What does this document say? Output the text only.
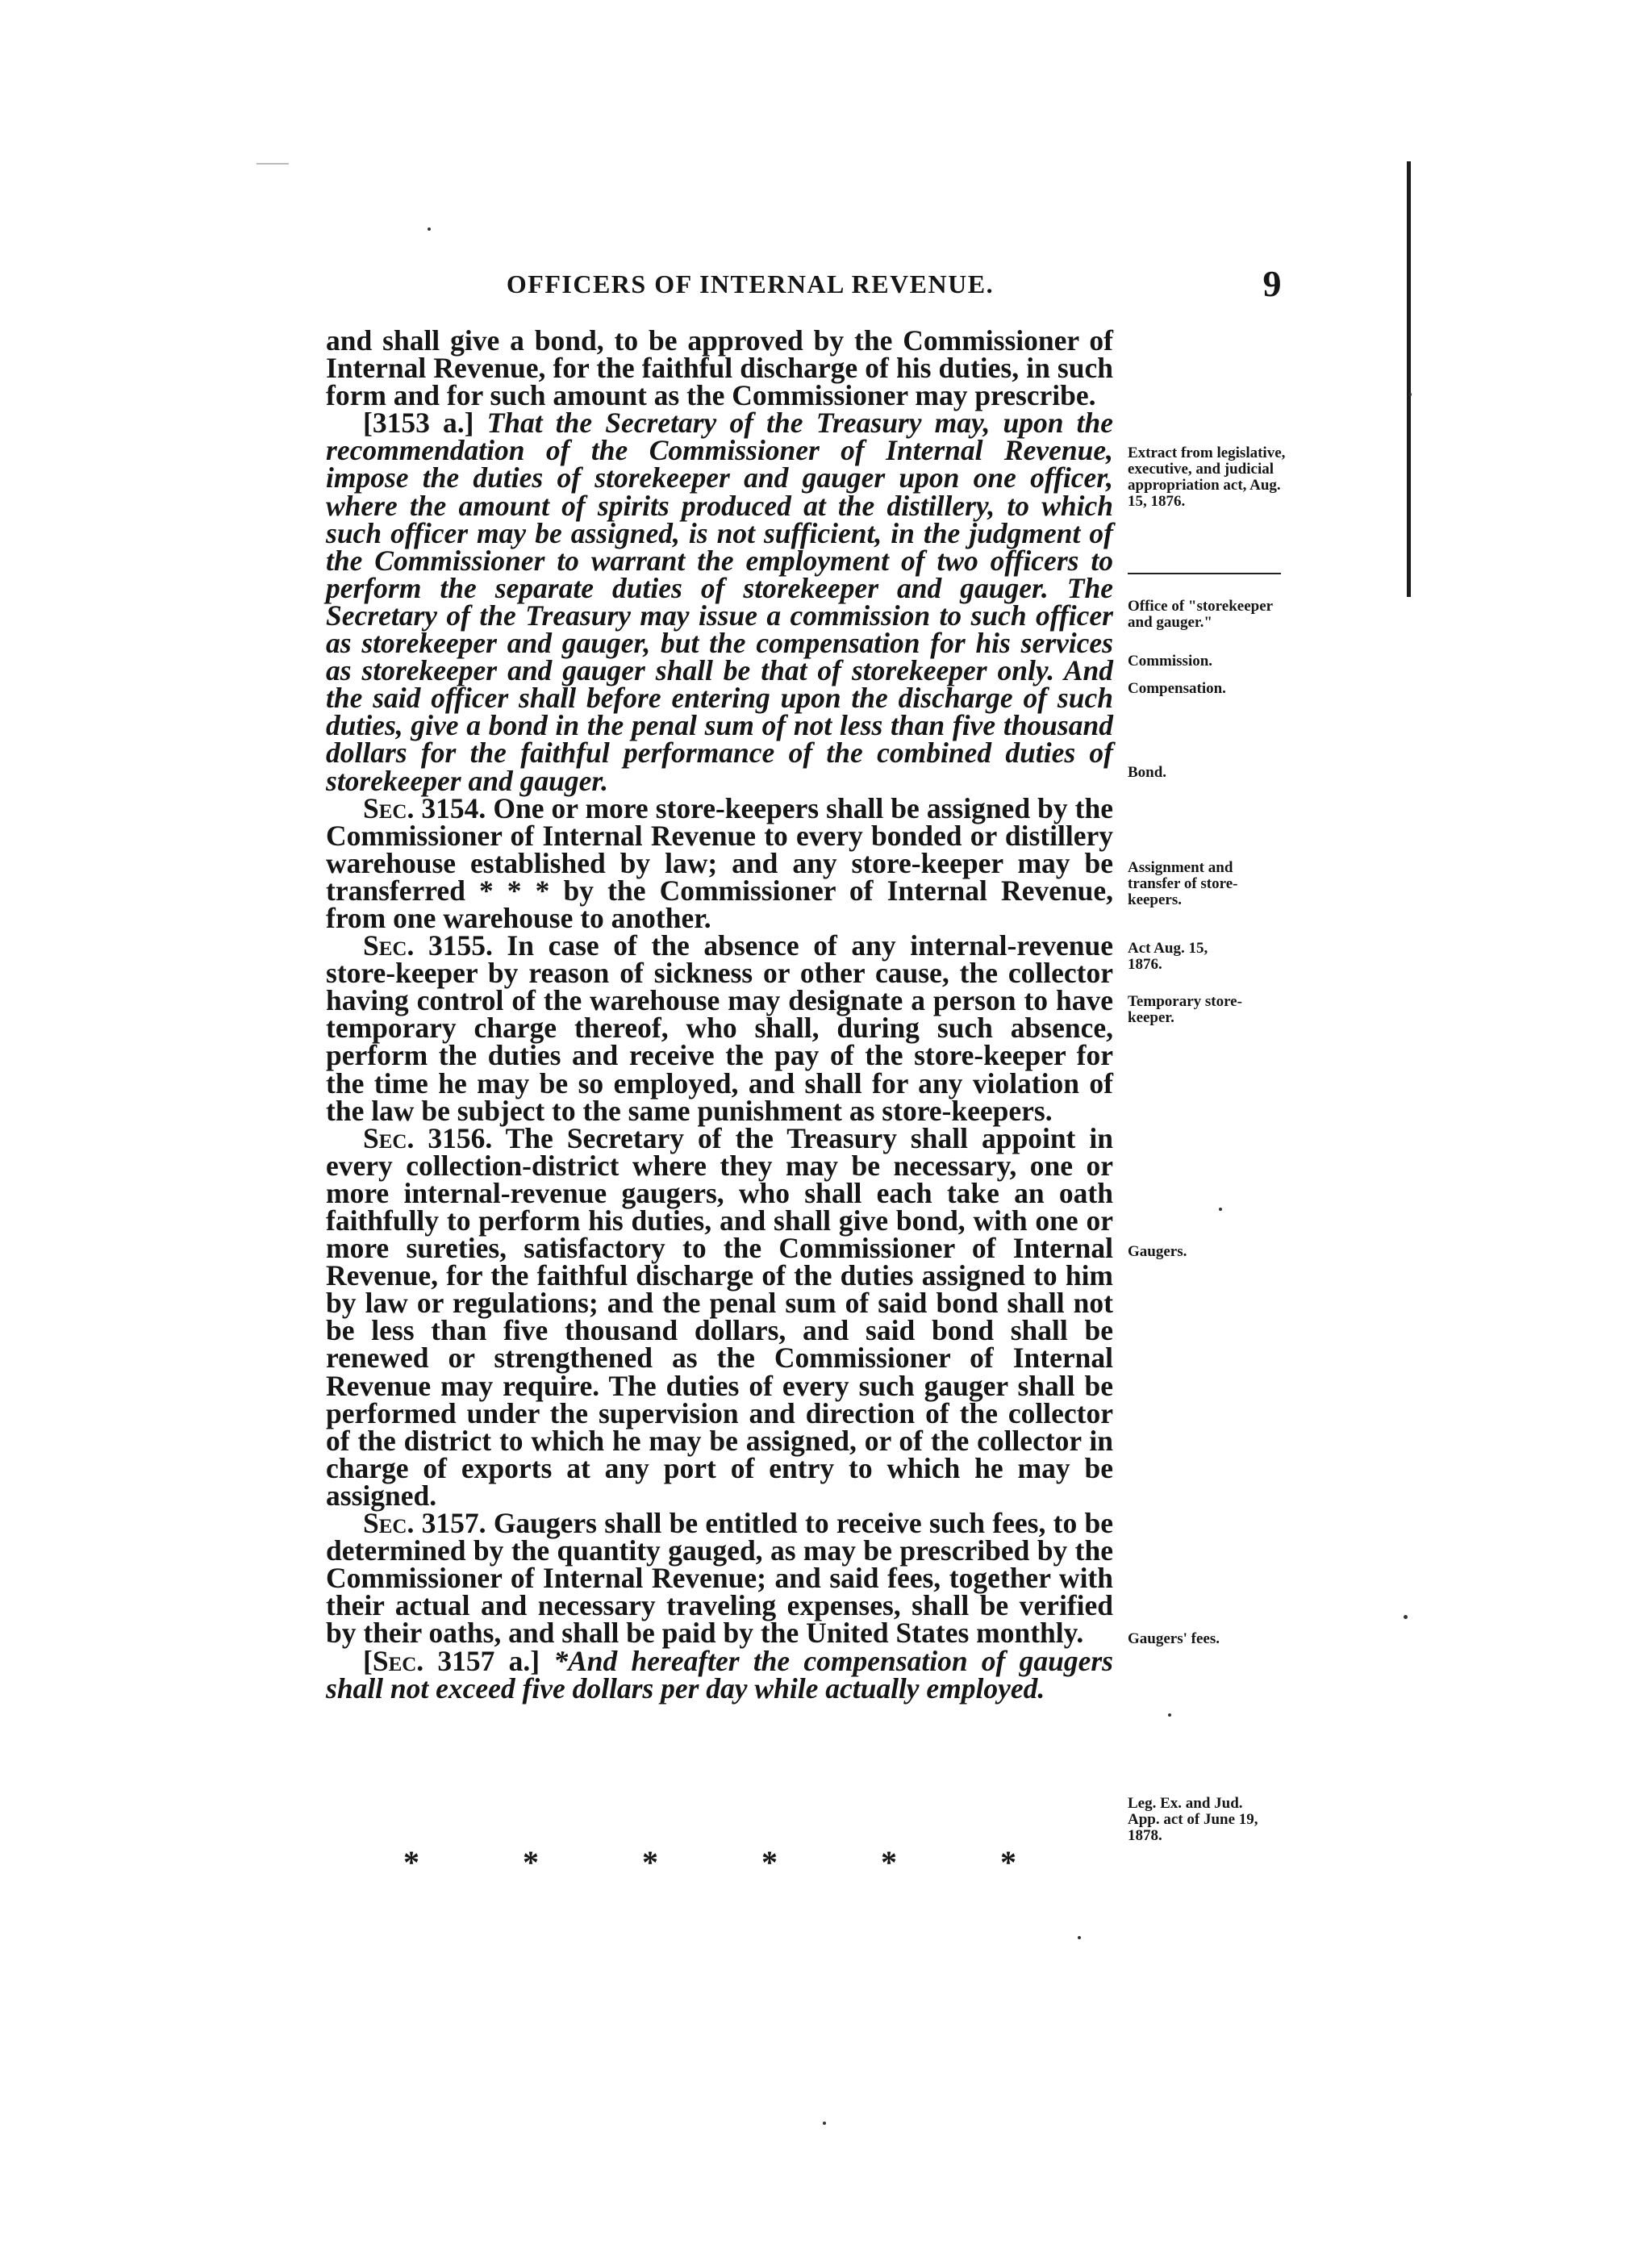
OFFICERS OF INTERNAL REVENUE.	9

and shall give a bond, to be approved by the Commissioner of Internal Revenue, for the faithful discharge of his duties, in such form and for such amount as the Commissioner may prescribe.

[3153 a.] That the Secretary of the Treasury may, upon the recommendation of the Commissioner of Internal Revenue, impose the duties of storekeeper and gauger upon one officer, where the amount of spirits produced at the distillery, to which such officer may be assigned, is not sufficient, in the judgment of the Commissioner to warrant the employment of two officers to perform the separate duties of storekeeper and gauger. The Secretary of the Treasury may issue a commission to such officer as storekeeper and gauger, but the compensation for his services as storekeeper and gauger shall be that of storekeeper only. And the said officer shall before entering upon the discharge of such duties, give a bond in the penal sum of not less than five thousand dollars for the faithful performance of the combined duties of storekeeper and gauger.

Sec. 3154. One or more store-keepers shall be assigned by the Commissioner of Internal Revenue to every bonded or distillery warehouse established by law; and any store-keeper may be transferred * * * by the Commissioner of Internal Revenue, from one warehouse to another.

Sec. 3155. In case of the absence of any internal-revenue store-keeper by reason of sickness or other cause, the collector having control of the warehouse may designate a person to have temporary charge thereof, who shall, during such absence, perform the duties and receive the pay of the store-keeper for the time he may be so employed, and shall for any violation of the law be subject to the same punishment as store-keepers.

Sec. 3156. The Secretary of the Treasury shall appoint in every collection-district where they may be necessary, one or more internal-revenue gaugers, who shall each take an oath faithfully to perform his duties, and shall give bond, with one or more sureties, satisfactory to the Commissioner of Internal Revenue, for the faithful discharge of the duties assigned to him by law or regulations; and the penal sum of said bond shall not be less than five thousand dollars, and said bond shall be renewed or strengthened as the Commissioner of Internal Revenue may require. The duties of every such gauger shall be performed under the supervision and direction of the collector of the district to which he may be assigned, or of the collector in charge of exports at any port of entry to which he may be assigned.

Sec. 3157. Gaugers shall be entitled to receive such fees, to be determined by the quantity gauged, as may be prescribed by the Commissioner of Internal Revenue; and said fees, together with their actual and necessary traveling expenses, shall be verified by their oaths, and shall be paid by the United States monthly.

[Sec. 3157 a.] *And hereafter the compensation of gaugers shall not exceed five dollars per day while actually employed.

*	*	*	*	*	*
Extract from legislative, executive, and judicial appropriation act, Aug. 15, 1876.
Office of "storekeeper and gauger."
Commission.
Compensation.
Bond.
Assignment and transfer of store-keepers.
Act Aug. 15, 1876.
Temporary store-keeper.
Gaugers.
Gaugers' fees.
Leg. Ex. and Jud. App. act of June 19, 1878.
